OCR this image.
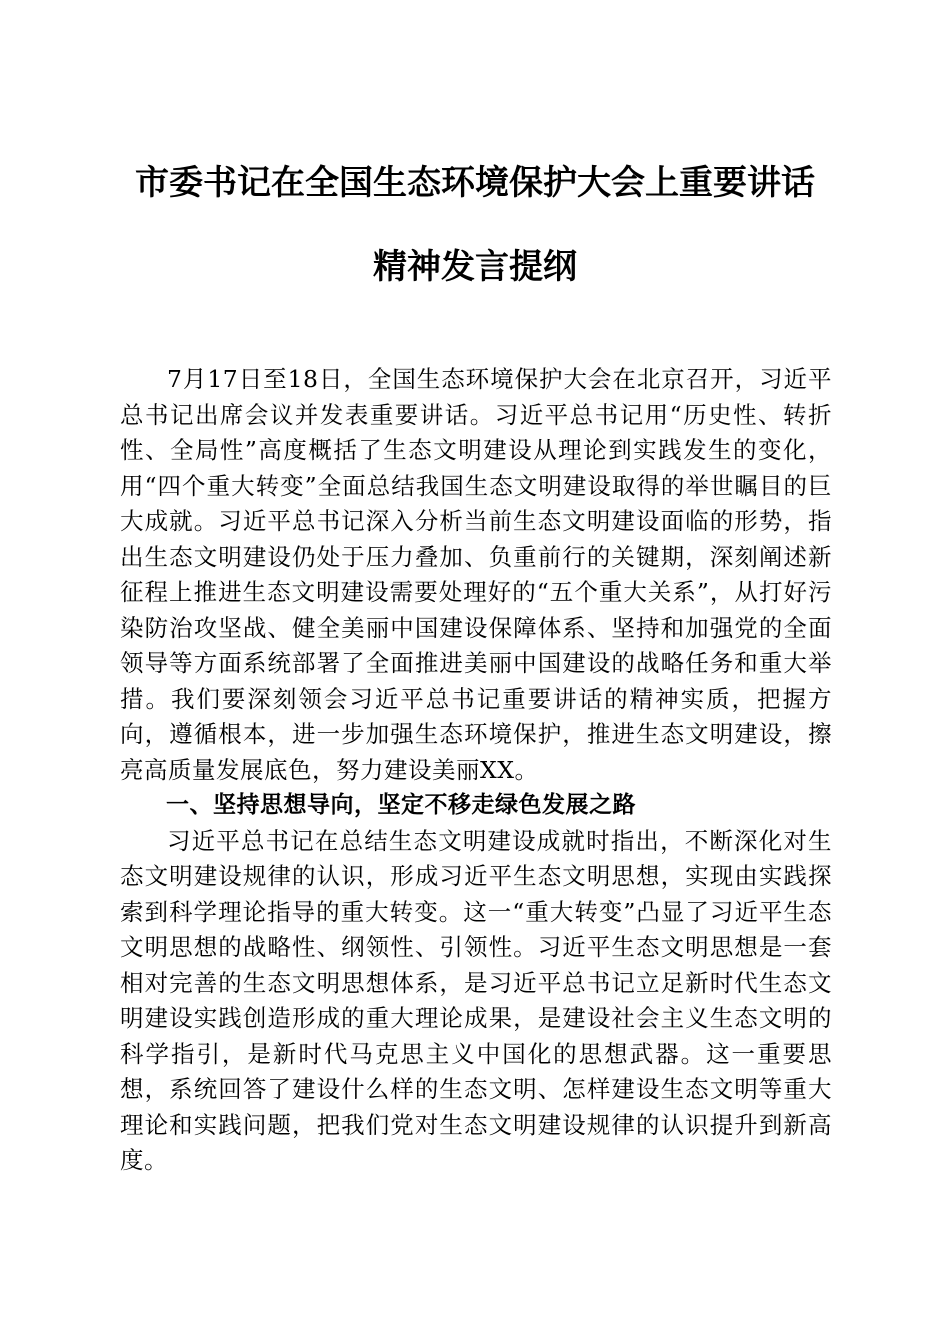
市委书记在全国生态环境保护大会上重要讲话

精神发言提纲

7月17日至18日，全国生态环境保护大会在北京召开，习近平总书记出席会议并发表重要讲话。习近平总书记用“历史性、转折性、全局性”高度概括了生态文明建设从理论到实践发生的变化，用“四个重大转变”全面总结我国生态文明建设取得的举世瞩目的巨大成就。习近平总书记深入分析当前生态文明建设面临的形势，指出生态文明建设仍处于压力叠加、负重前行的关键期，深刻阐述新征程上推进生态文明建设需要处理好的“五个重大关系”，从打好污染防治攻坚战、健全美丽中国建设保障体系、坚持和加强党的全面领导等方面系统部署了全面推进美丽中国建设的战略任务和重大举措。我们要深刻领会习近平总书记重要讲话的精神实质，把握方向，遵循根本，进一步加强生态环境保护，推进生态文明建设，擦亮高质量发展底色，努力建设美丽XX。

一、坚持思想导向，坚定不移走绿色发展之路

习近平总书记在总结生态文明建设成就时指出，不断深化对生态文明建设规律的认识，形成习近平生态文明思想，实现由实践探索到科学理论指导的重大转变。这一“重大转变”凸显了习近平生态文明思想的战略性、纲领性、引领性。习近平生态文明思想是一套相对完善的生态文明思想体系，是习近平总书记立足新时代生态文明建设实践创造形成的重大理论成果，是建设社会主义生态文明的科学指引，是新时代马克思主义中国化的思想武器。这一重要思想，系统回答了建设什么样的生态文明、怎样建设生态文明等重大理论和实践问题，把我们党对生态文明建设规律的认识提升到新高度。
